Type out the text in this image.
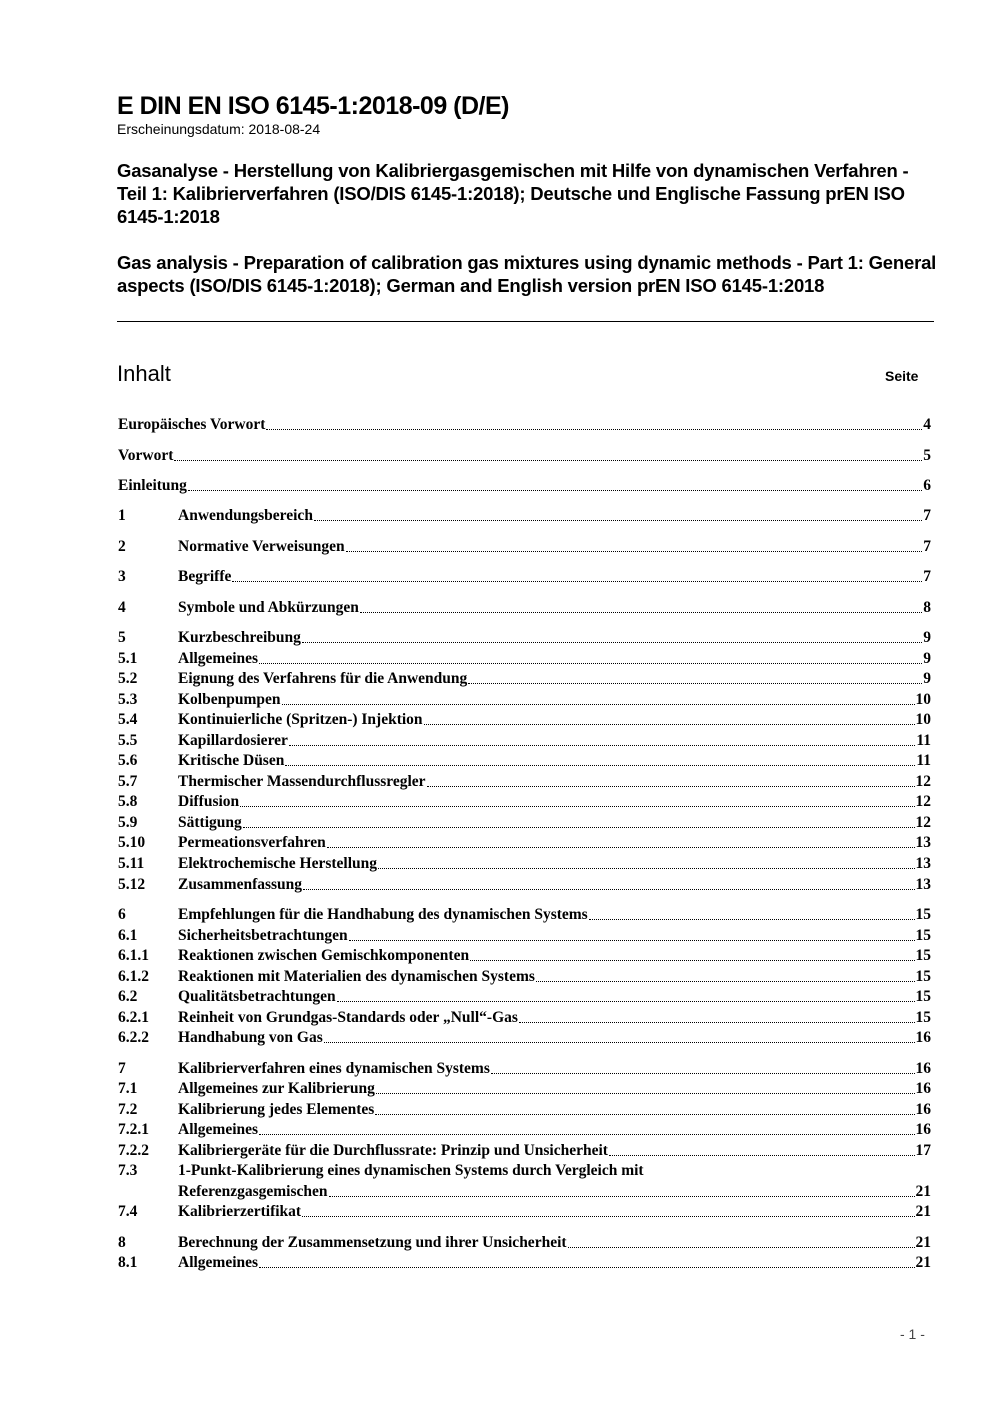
E DIN EN ISO 6145-1:2018-09 (D/E)
Erscheinungsdatum: 2018-08-24
Gasanalyse - Herstellung von Kalibriergasgemischen mit Hilfe von dynamischen Verfahren - Teil 1: Kalibrierverfahren (ISO/DIS 6145-1:2018); Deutsche und Englische Fassung prEN ISO 6145-1:2018
Gas analysis - Preparation of calibration gas mixtures using dynamic methods - Part 1: General aspects (ISO/DIS 6145-1:2018); German and English version prEN ISO 6145-1:2018
Inhalt	Seite
Europäisches Vorwort	4
Vorwort	5
Einleitung	6
1	Anwendungsbereich	7
2	Normative Verweisungen	7
3	Begriffe	7
4	Symbole und Abkürzungen	8
5	Kurzbeschreibung	9
5.1	Allgemeines	9
5.2	Eignung des Verfahrens für die Anwendung	9
5.3	Kolbenpumpen	10
5.4	Kontinuierliche (Spritzen-) Injektion	10
5.5	Kapillardosierer	11
5.6	Kritische Düsen	11
5.7	Thermischer Massendurchflussregler	12
5.8	Diffusion	12
5.9	Sättigung	12
5.10	Permeationsverfahren	13
5.11	Elektrochemische Herstellung	13
5.12	Zusammenfassung	13
6	Empfehlungen für die Handhabung des dynamischen Systems	15
6.1	Sicherheitsbetrachtungen	15
6.1.1	Reaktionen zwischen Gemischkomponenten	15
6.1.2	Reaktionen mit Materialien des dynamischen Systems	15
6.2	Qualitätsbetrachtungen	15
6.2.1	Reinheit von Grundgas-Standards oder „Null“-Gas	15
6.2.2	Handhabung von Gas	16
7	Kalibrierverfahren eines dynamischen Systems	16
7.1	Allgemeines zur Kalibrierung	16
7.2	Kalibrierung jedes Elementes	16
7.2.1	Allgemeines	16
7.2.2	Kalibriergeräte für die Durchflussrate: Prinzip und Unsicherheit	17
7.3	1-Punkt-Kalibrierung eines dynamischen Systems durch Vergleich mit
Referenzgasgemischen	21
7.4	Kalibrierzertifikat	21
8	Berechnung der Zusammensetzung und ihrer Unsicherheit	21
8.1	Allgemeines	21
- 1 -
